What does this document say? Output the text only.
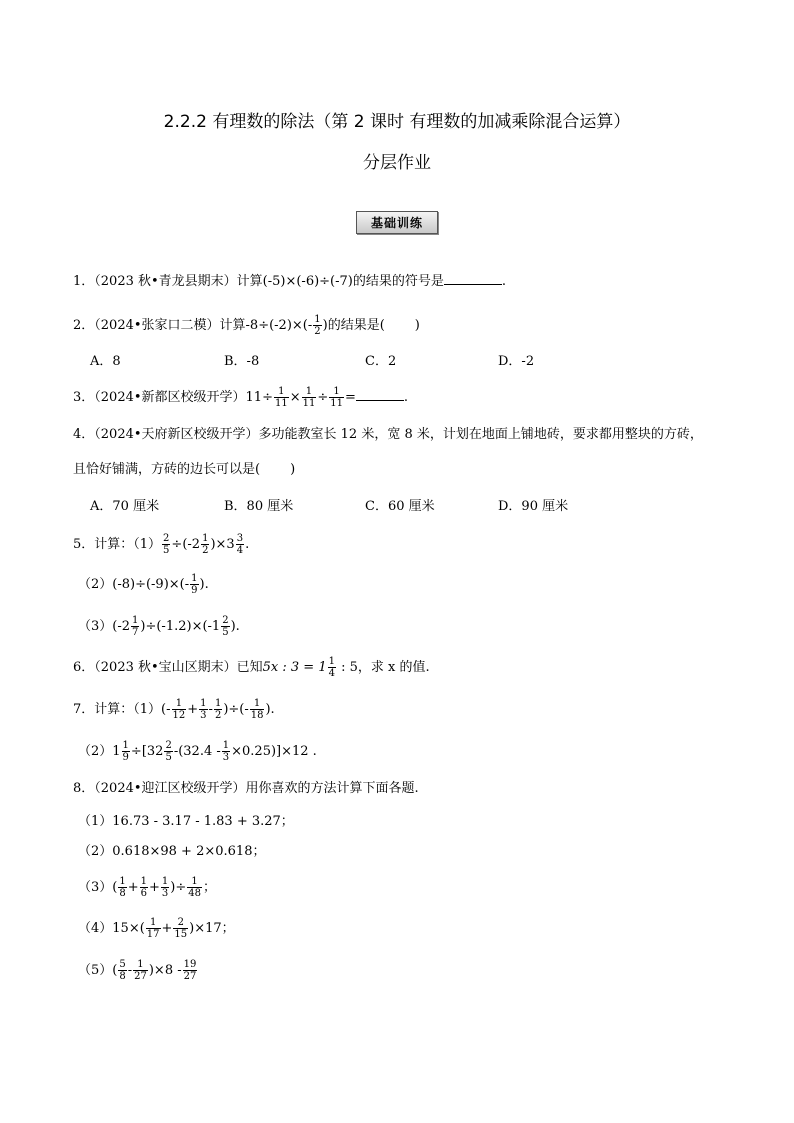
2.2.2 有理数的除法（第 2 课时 有理数的加减乘除混合运算）
分层作业
基础训练
1．（2023 秋•青龙县期末）计算(-5)×(-6)÷(-7)的结果的符号是	.
2．（2024•张家口二模）计算$-8\div(-2)\times(- \frac{1}{2}$ )的结果是( )
A．8	B．-8	C．2	D．-2
3．（2024•新都区校级开学）$11\div \frac{1}{11} \times \frac{1}{11} \div \frac{1}{11}$ =	.
4．（2024•天府新区校级开学）多功能教室长 12 米，宽 8 米，计划在地面上铺地砖，要求都用整块的方砖，
且恰好铺满，方砖的边长可以是( )
A．70 厘米	B．80 厘米	C．60 厘米	D．90 厘米
5．计算：$(1) \frac{2}{5} \div(-2 \frac{1}{2} )\times 3 \frac{3}{4}$ .
$(2)(-8)\div(-9)\times(- \frac{1}{9}$ ).
$(3)(-2 \frac{1}{7} )\div(-1.2)\times(-1 \frac{2}{5}$ ).
6．（2023 秋•宝山区期末）已知5x : $3 = 1 \frac{1}{4}$ : 5，求 x 的值.
7．计算：$(1)(- \frac{1}{12} + \frac{1}{3} - \frac{1}{2}$ )÷(- $\frac{1}{18}$ ).
$(2)1 \frac{1}{9} \div[32 \frac{2}{5} -(32.4 - \frac{1}{3} \times 0.25)]\times 12$ .
8．（2024•迎江区校级开学）用你喜欢的方法计算下面各题.
（1）16.73 - 3.17 - 1.83 + 3.27；
（2）0.618×98 + 2×0.618；
$(3)( \frac{1}{8} + \frac{1}{6} + \frac{1}{3}$ )÷ $\frac{1}{48}$ ；
$(4)15\times( \frac{1}{17} + \frac{2}{15} )\times 17$；
$(5)( \frac{5}{8} - \frac{1}{27} )\times 8 - \frac{19}{27}$
